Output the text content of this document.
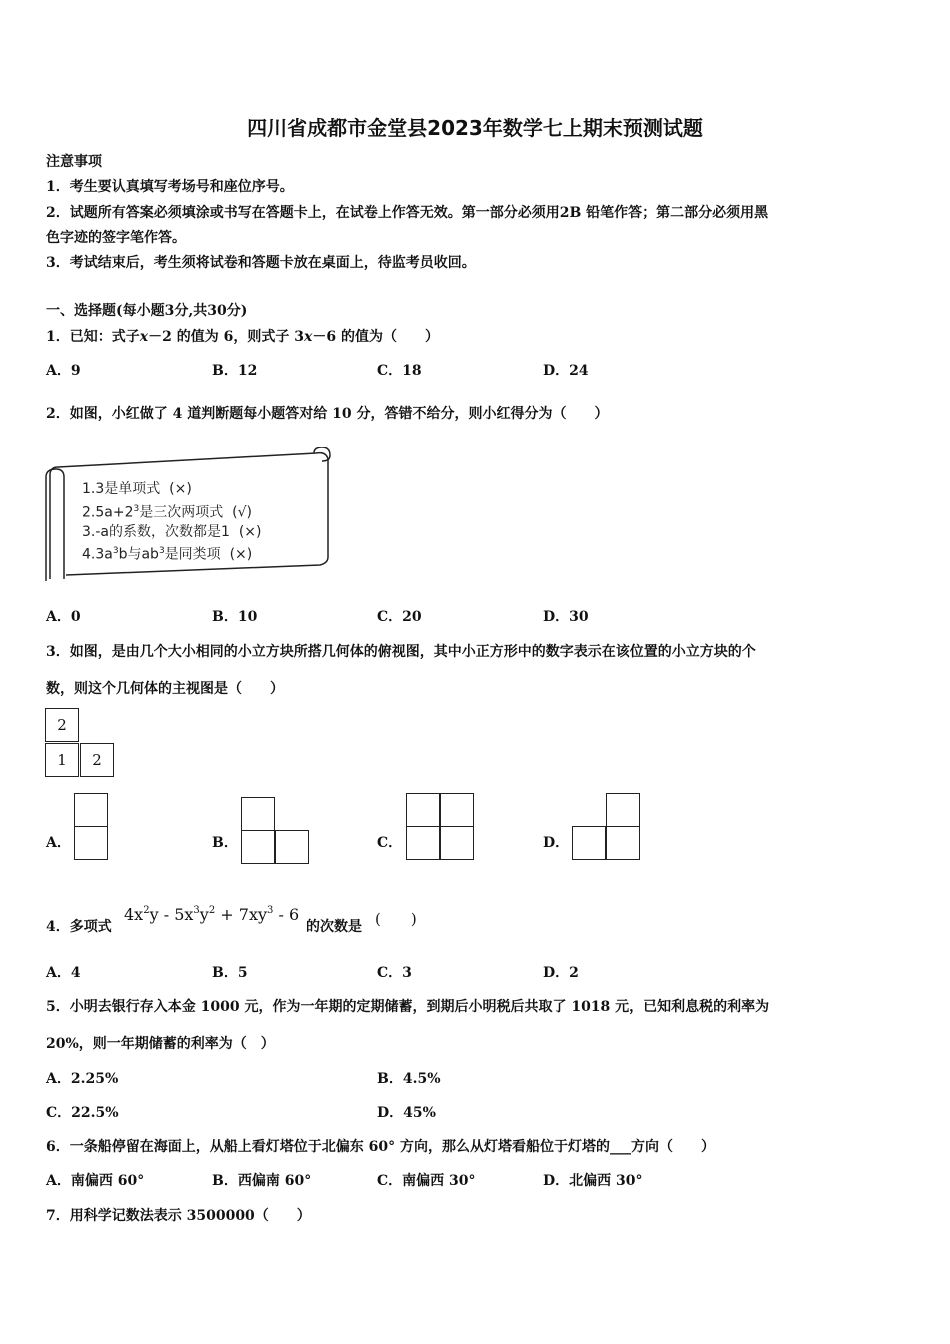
四川省成都市金堂县2023年数学七上期末预测试题
注意事项
1．考生要认真填写考场号和座位序号。
2．试题所有答案必须填涂或书写在答题卡上，在试卷上作答无效。第一部分必须用2B 铅笔作答；第二部分必须用黑
色字迹的签字笔作答。
3．考试结束后，考生须将试卷和答题卡放在桌面上，待监考员收回。
一、选择题(每小题3分,共30分)
1．已知：式子x－2 的值为 6，则式子 3x－6 的值为（　　）
A．9	B．12	C．18	D．24
2．如图，小红做了 4 道判断题每小题答对给 10 分，答错不给分，则小红得分为（　　）
1.3是单项式 (×)
$2.5a+2^3$是三次两项式 (√)
3.-a的系数，次数都是1 (×)
$4.3a^3b$与$ab^3$是同类项 (×)
A．0	B．10	C．20	D．30
3．如图，是由几个大小相同的小立方块所搭几何体的俯视图，其中小正方形中的数字表示在该位置的小立方块的个
数，则这个几何体的主视图是（　　）
2
1	2
A．	B．	C．	D．
4．多项式
$4x^2y - 5x^3y^2 + 7xy^3 - 6$
的次数是 (　　)
A．4	B．5	C．3	D．2
5．小明去银行存入本金 1000 元，作为一年期的定期储蓄，到期后小明税后共取了 1018 元，已知利息税的利率为
20%，则一年期储蓄的利率为（　）
A．2.25%	B．4.5%
C．22.5%	D．45%
6．一条船停留在海面上，从船上看灯塔位于北偏东 60° 方向，那么从灯塔看船位于灯塔的___方向（　　）
A．南偏西 60°	B．西偏南 60°	C．南偏西 30°	D．北偏西 30°
7．用科学记数法表示 3500000（　　）
